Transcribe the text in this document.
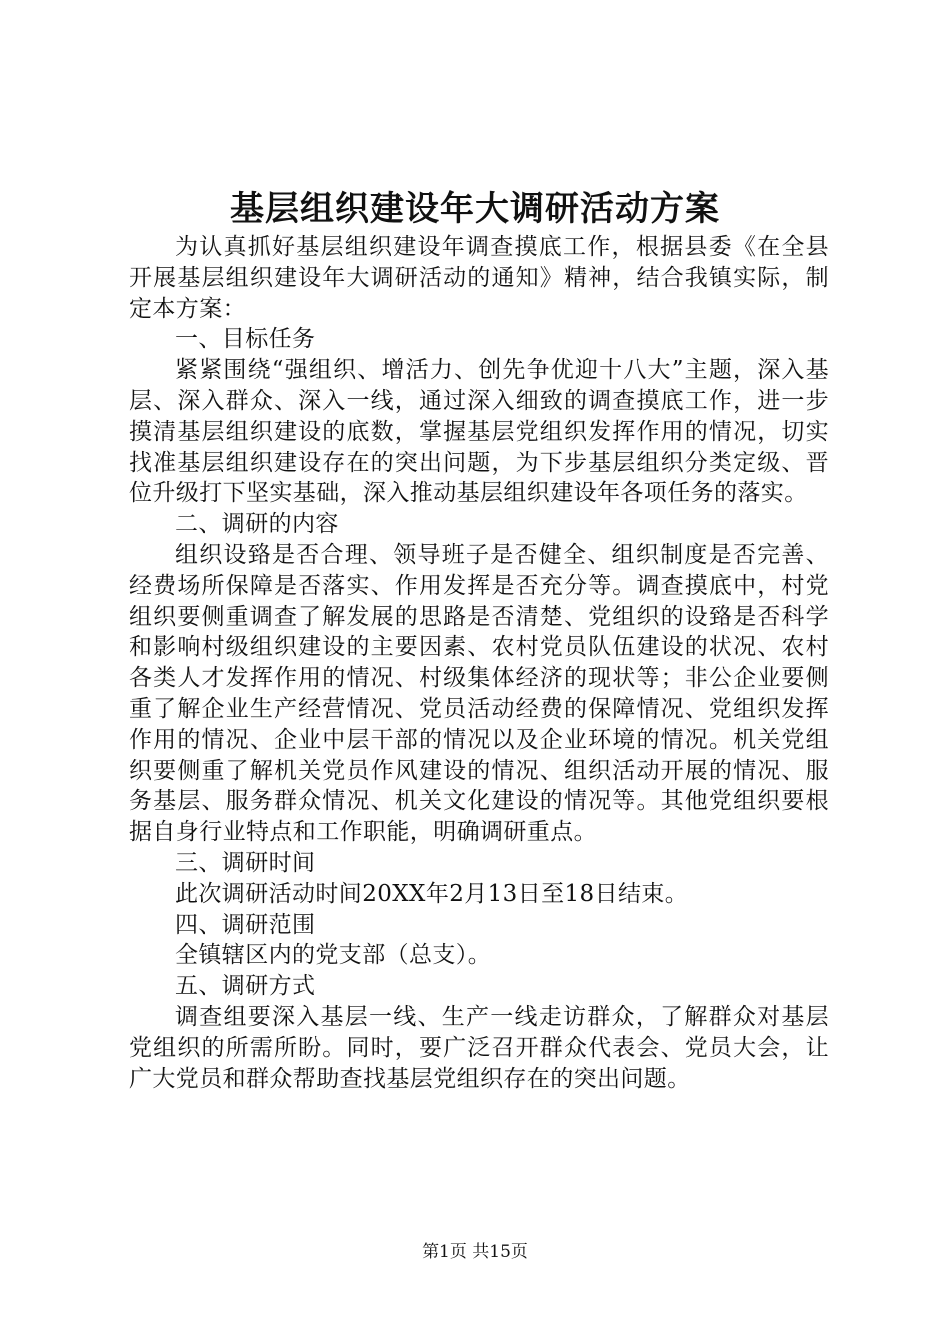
基层组织建设年大调研活动方案

为认真抓好基层组织建设年调查摸底工作，根据县委《在全县开展基层组织建设年大调研活动的通知》精神，结合我镇实际，制定本方案：

一、目标任务

紧紧围绕“强组织、增活力、创先争优迎十八大”主题，深入基层、深入群众、深入一线，通过深入细致的调查摸底工作，进一步摸清基层组织建设的底数，掌握基层党组织发挥作用的情况，切实找准基层组织建设存在的突出问题，为下步基层组织分类定级、晋位升级打下坚实基础，深入推动基层组织建设年各项任务的落实。

二、调研的内容

组织设臵是否合理、领导班子是否健全、组织制度是否完善、经费场所保障是否落实、作用发挥是否充分等。调查摸底中，村党组织要侧重调查了解发展的思路是否清楚、党组织的设臵是否科学和影响村级组织建设的主要因素、农村党员队伍建设的状况、农村各类人才发挥作用的情况、村级集体经济的现状等；非公企业要侧重了解企业生产经营情况、党员活动经费的保障情况、党组织发挥作用的情况、企业中层干部的情况以及企业环境的情况。机关党组织要侧重了解机关党员作风建设的情况、组织活动开展的情况、服务基层、服务群众情况、机关文化建设的情况等。其他党组织要根据自身行业特点和工作职能，明确调研重点。

三、调研时间

此次调研活动时间20XX年2月13日至18日结束。

四、调研范围

全镇辖区内的党支部（总支）。

五、调研方式

调查组要深入基层一线、生产一线走访群众，了解群众对基层党组织的所需所盼。同时，要广泛召开群众代表会、党员大会，让广大党员和群众帮助查找基层党组织存在的突出问题。

第1页 共15页
